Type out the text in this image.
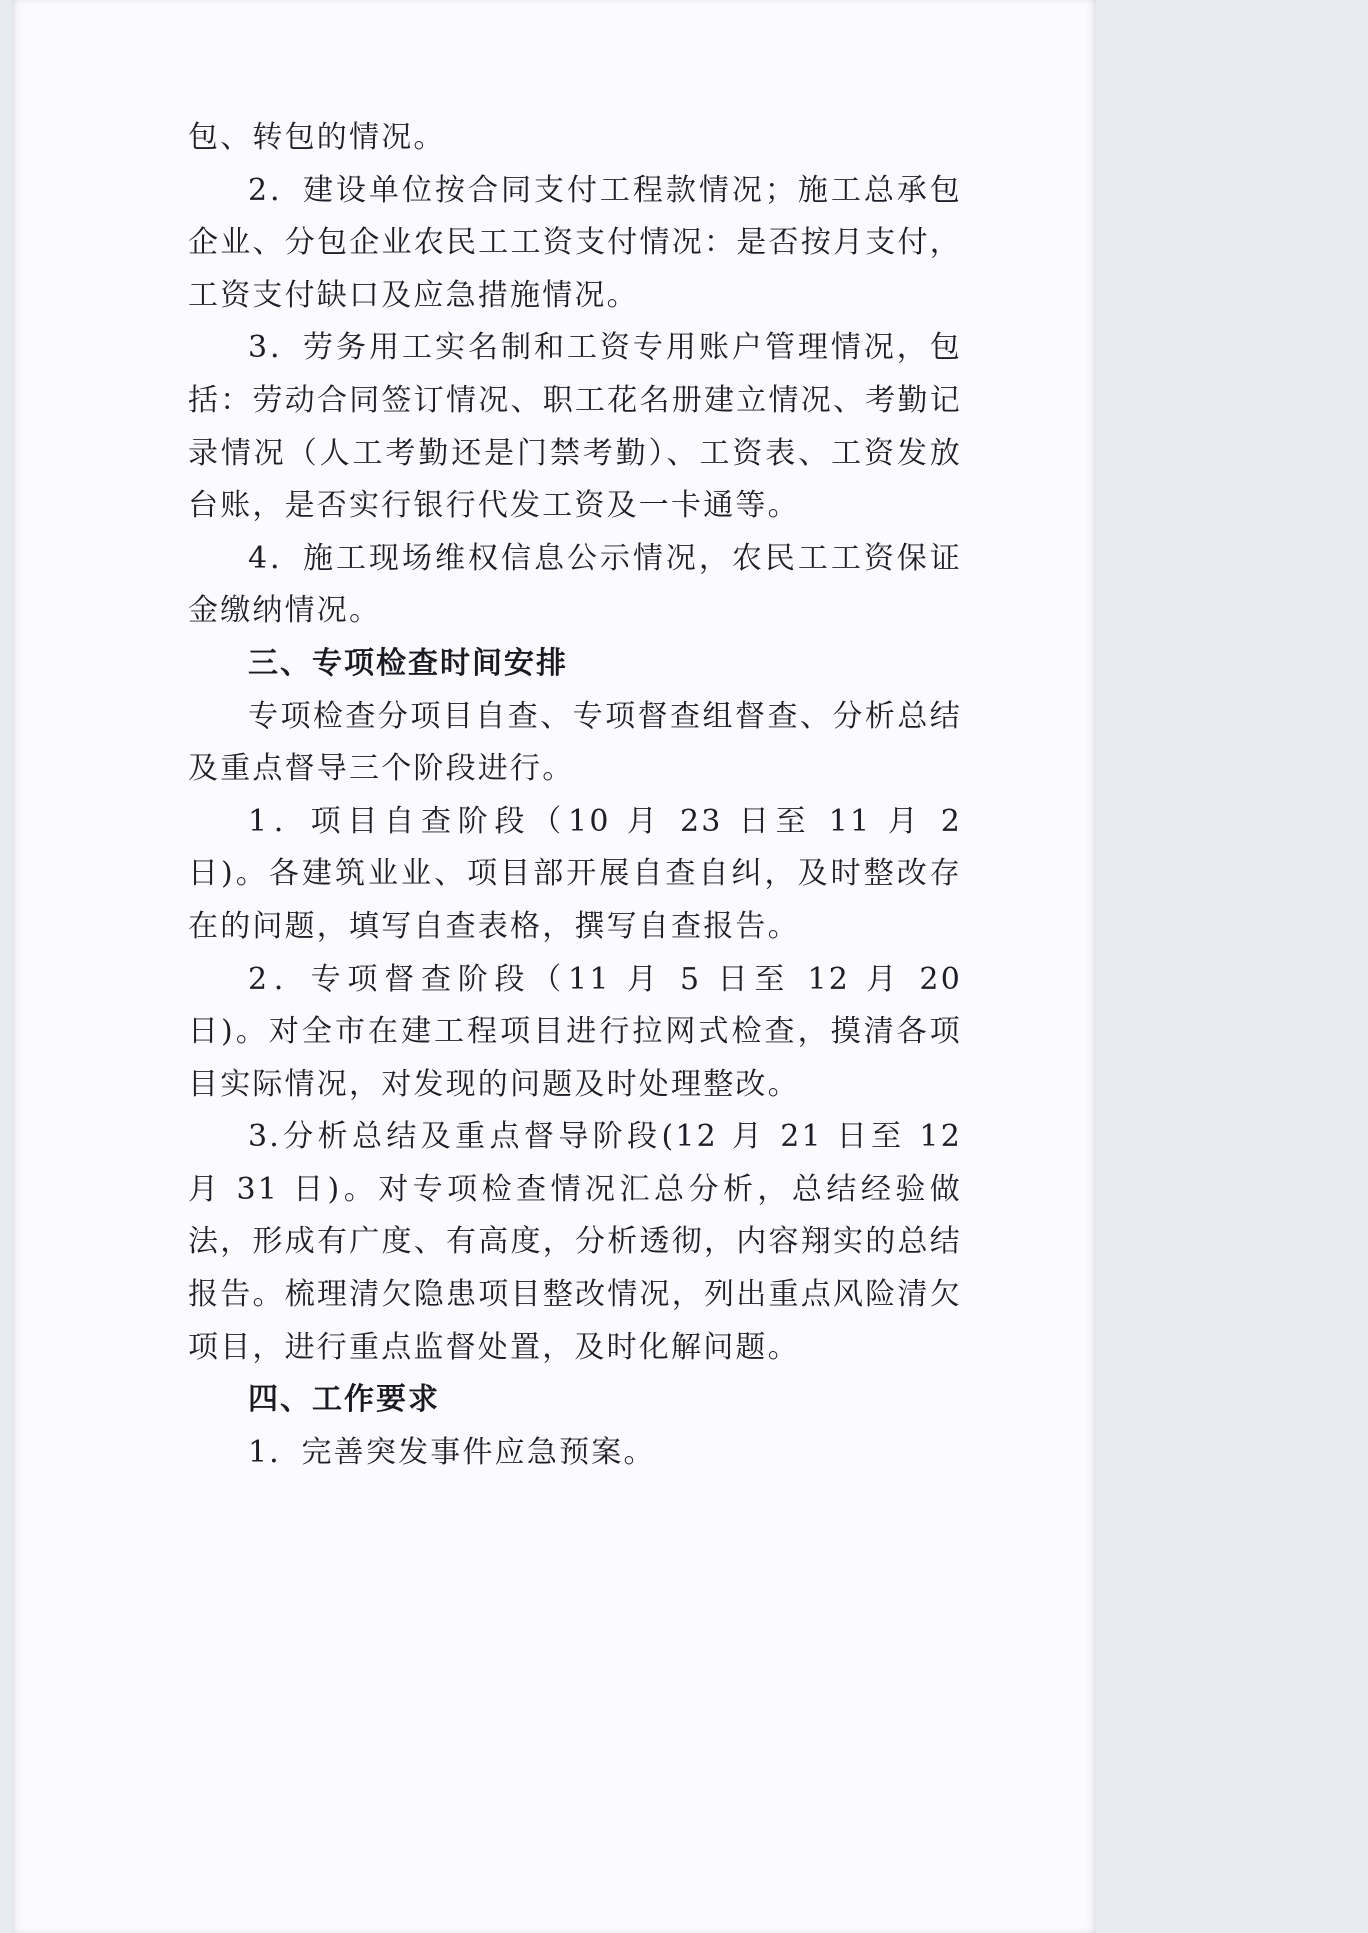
包、转包的情况。

2．建设单位按合同支付工程款情况；施工总承包企业、分包企业农民工工资支付情况：是否按月支付，工资支付缺口及应急措施情况。

3．劳务用工实名制和工资专用账户管理情况，包括：劳动合同签订情况、职工花名册建立情况、考勤记录情况（人工考勤还是门禁考勤）、工资表、工资发放台账，是否实行银行代发工资及一卡通等。

4．施工现场维权信息公示情况，农民工工资保证金缴纳情况。

三、专项检查时间安排

专项检查分项目自查、专项督查组督查、分析总结及重点督导三个阶段进行。

1．项目自查阶段（10 月 23 日至 11 月 2 日)。各建筑业业、项目部开展自查自纠，及时整改存在的问题，填写自查表格，撰写自查报告。

2．专项督查阶段（11 月 5 日至 12 月 20 日)。对全市在建工程项目进行拉网式检查，摸清各项目实际情况，对发现的问题及时处理整改。

3.分析总结及重点督导阶段(12 月 21 日至 12 月 31 日)。对专项检查情况汇总分析，总结经验做法，形成有广度、有高度，分析透彻，内容翔实的总结报告。梳理清欠隐患项目整改情况，列出重点风险清欠项目，进行重点监督处置，及时化解问题。

四、工作要求

1．完善突发事件应急预案。
